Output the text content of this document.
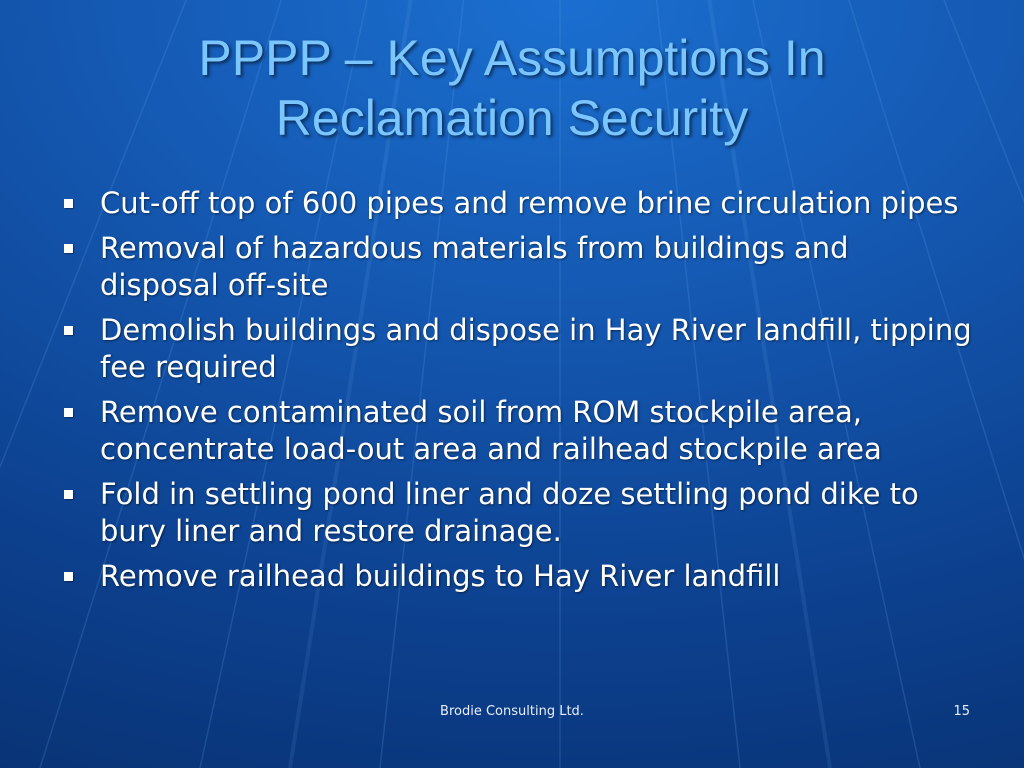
PPPP – Key Assumptions In
Reclamation Security
Cut-off top of 600 pipes and remove brine circulation pipes
Removal of hazardous materials from buildings and disposal off-site
Demolish buildings and dispose in Hay River landfill, tipping fee required
Remove contaminated soil from ROM stockpile area, concentrate load-out area and railhead stockpile area
Fold in settling pond liner and doze settling pond dike to bury liner and restore drainage.
Remove railhead buildings to Hay River landfill
Brodie Consulting Ltd.	15
